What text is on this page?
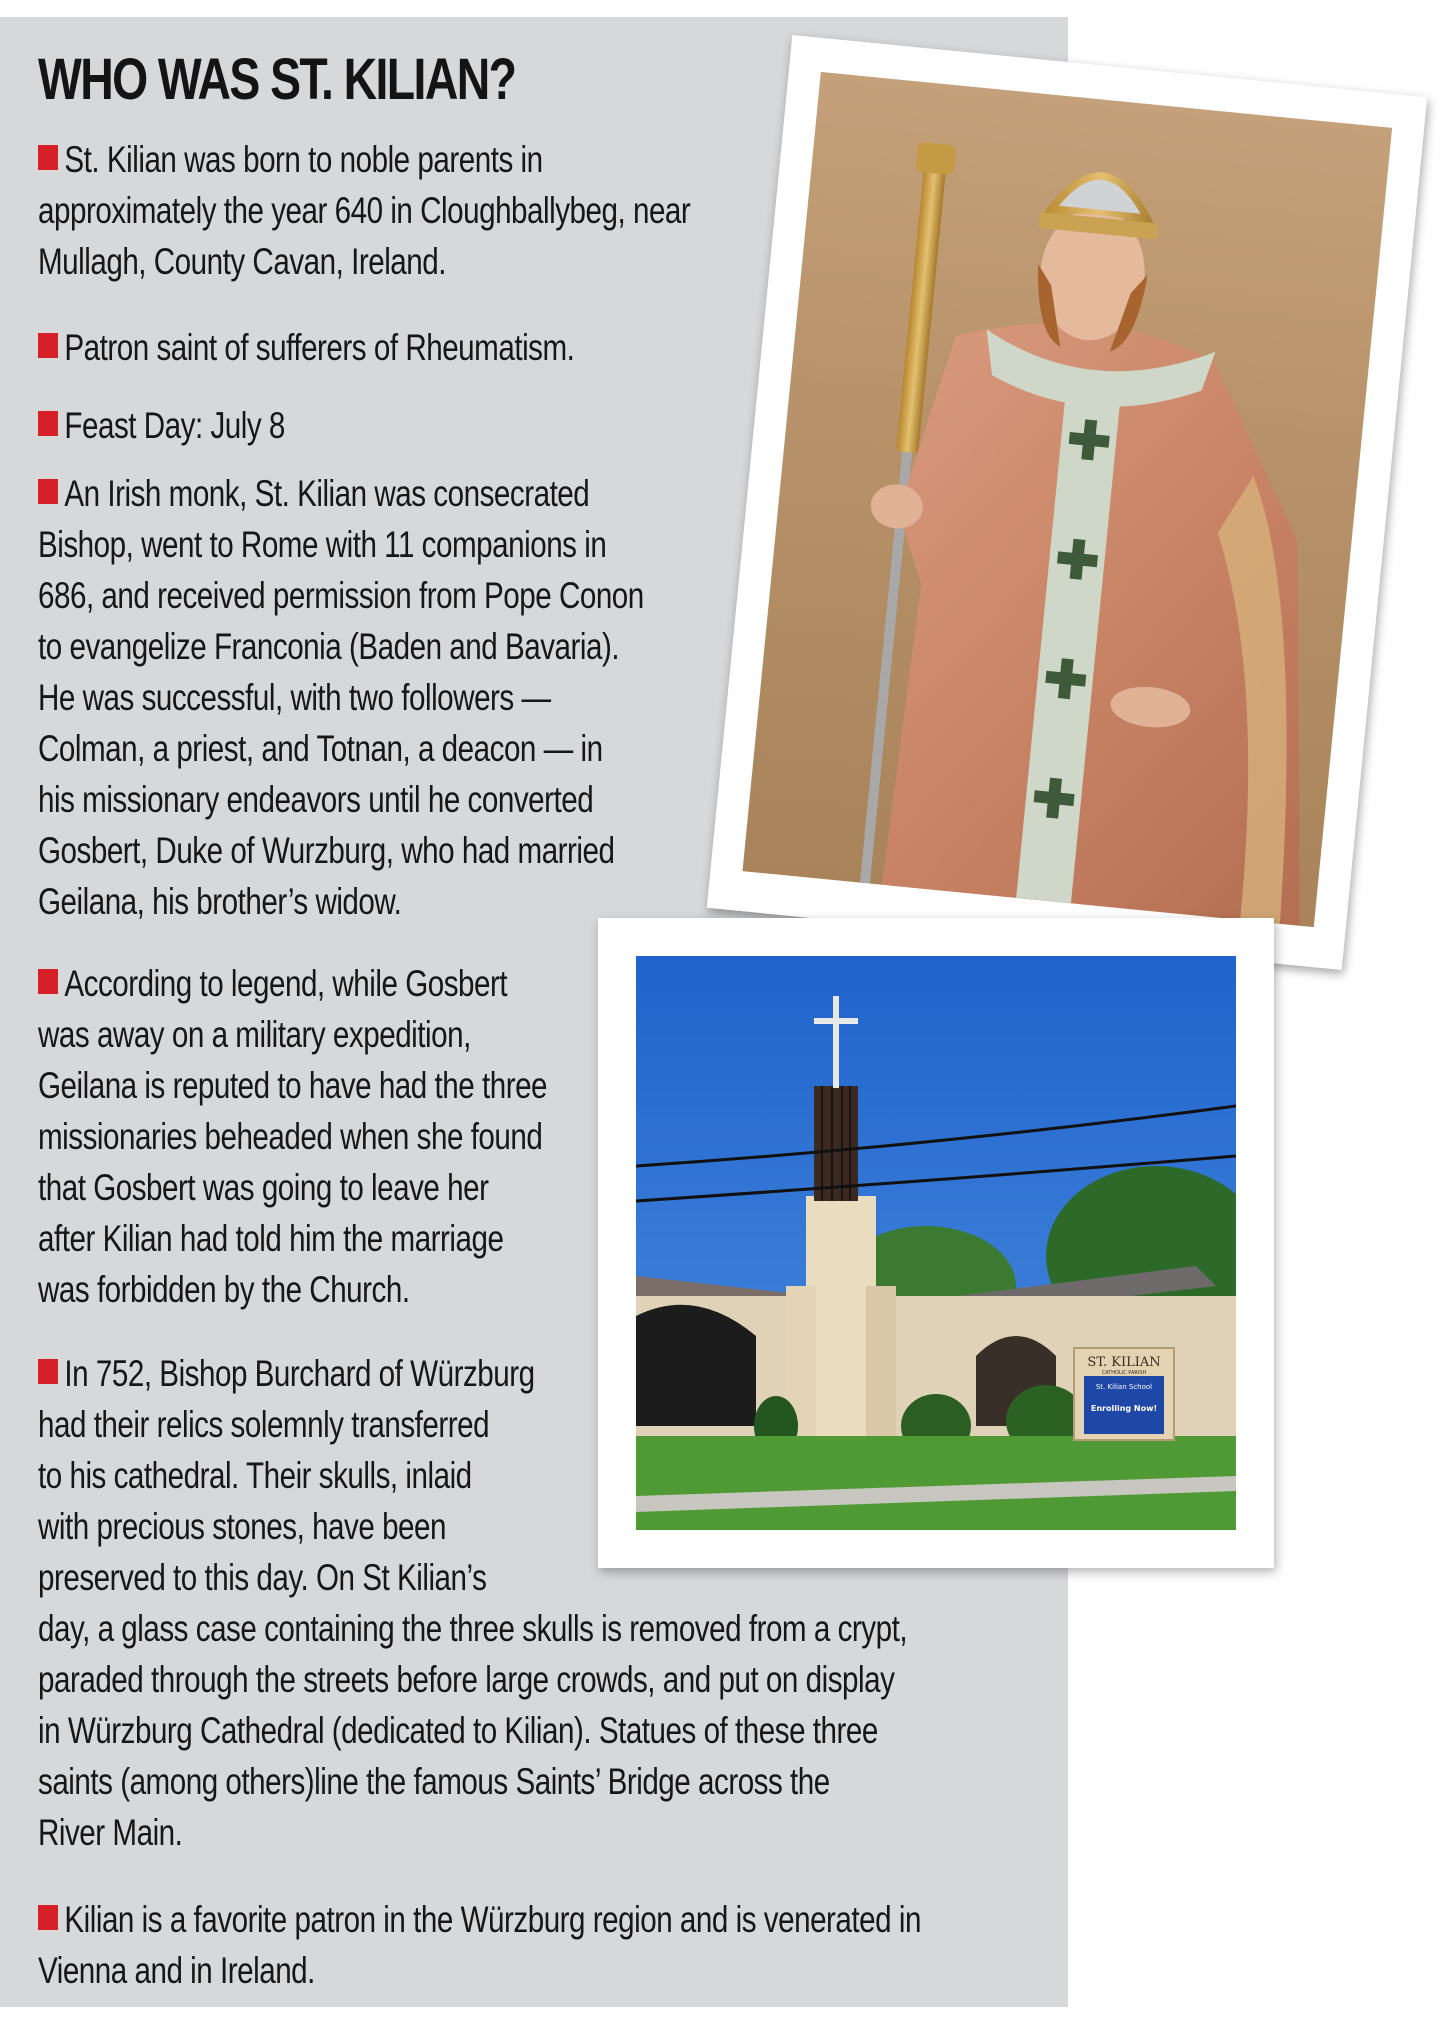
WHO WAS ST. KILIAN?

St. Kilian was born to noble parents in
approximately the year 640 in Cloughballybeg, near
Mullagh, County Cavan, Ireland.

Patron saint of sufferers of Rheumatism.

Feast Day: July 8

An Irish monk, St. Kilian was consecrated
Bishop, went to Rome with 11 companions in
686, and received permission from Pope Conon
to evangelize Franconia (Baden and Bavaria).
He was successful, with two followers —
Colman, a priest, and Totnan, a deacon — in
his missionary endeavors until he converted
Gosbert, Duke of Wurzburg, who had married
Geilana, his brother’s widow.

According to legend, while Gosbert
was away on a military expedition,
Geilana is reputed to have had the three
missionaries beheaded when she found
that Gosbert was going to leave her
after Kilian had told him the marriage
was forbidden by the Church.

In 752, Bishop Burchard of Würzburg
had their relics solemnly transferred
to his cathedral. Their skulls, inlaid
with precious stones, have been
preserved to this day. On St Kilian’s
day, a glass case containing the three skulls is removed from a crypt,
paraded through the streets before large crowds, and put on display
in Würzburg Cathedral (dedicated to Kilian). Statues of these three
saints (among others)line the famous Saints’ Bridge across the
River Main.

Kilian is a favorite patron in the Würzburg region and is venerated in
Vienna and in Ireland.

ST. KILIAN
CATHOLIC PARISH
St. Kilian School
Enrolling Now!
